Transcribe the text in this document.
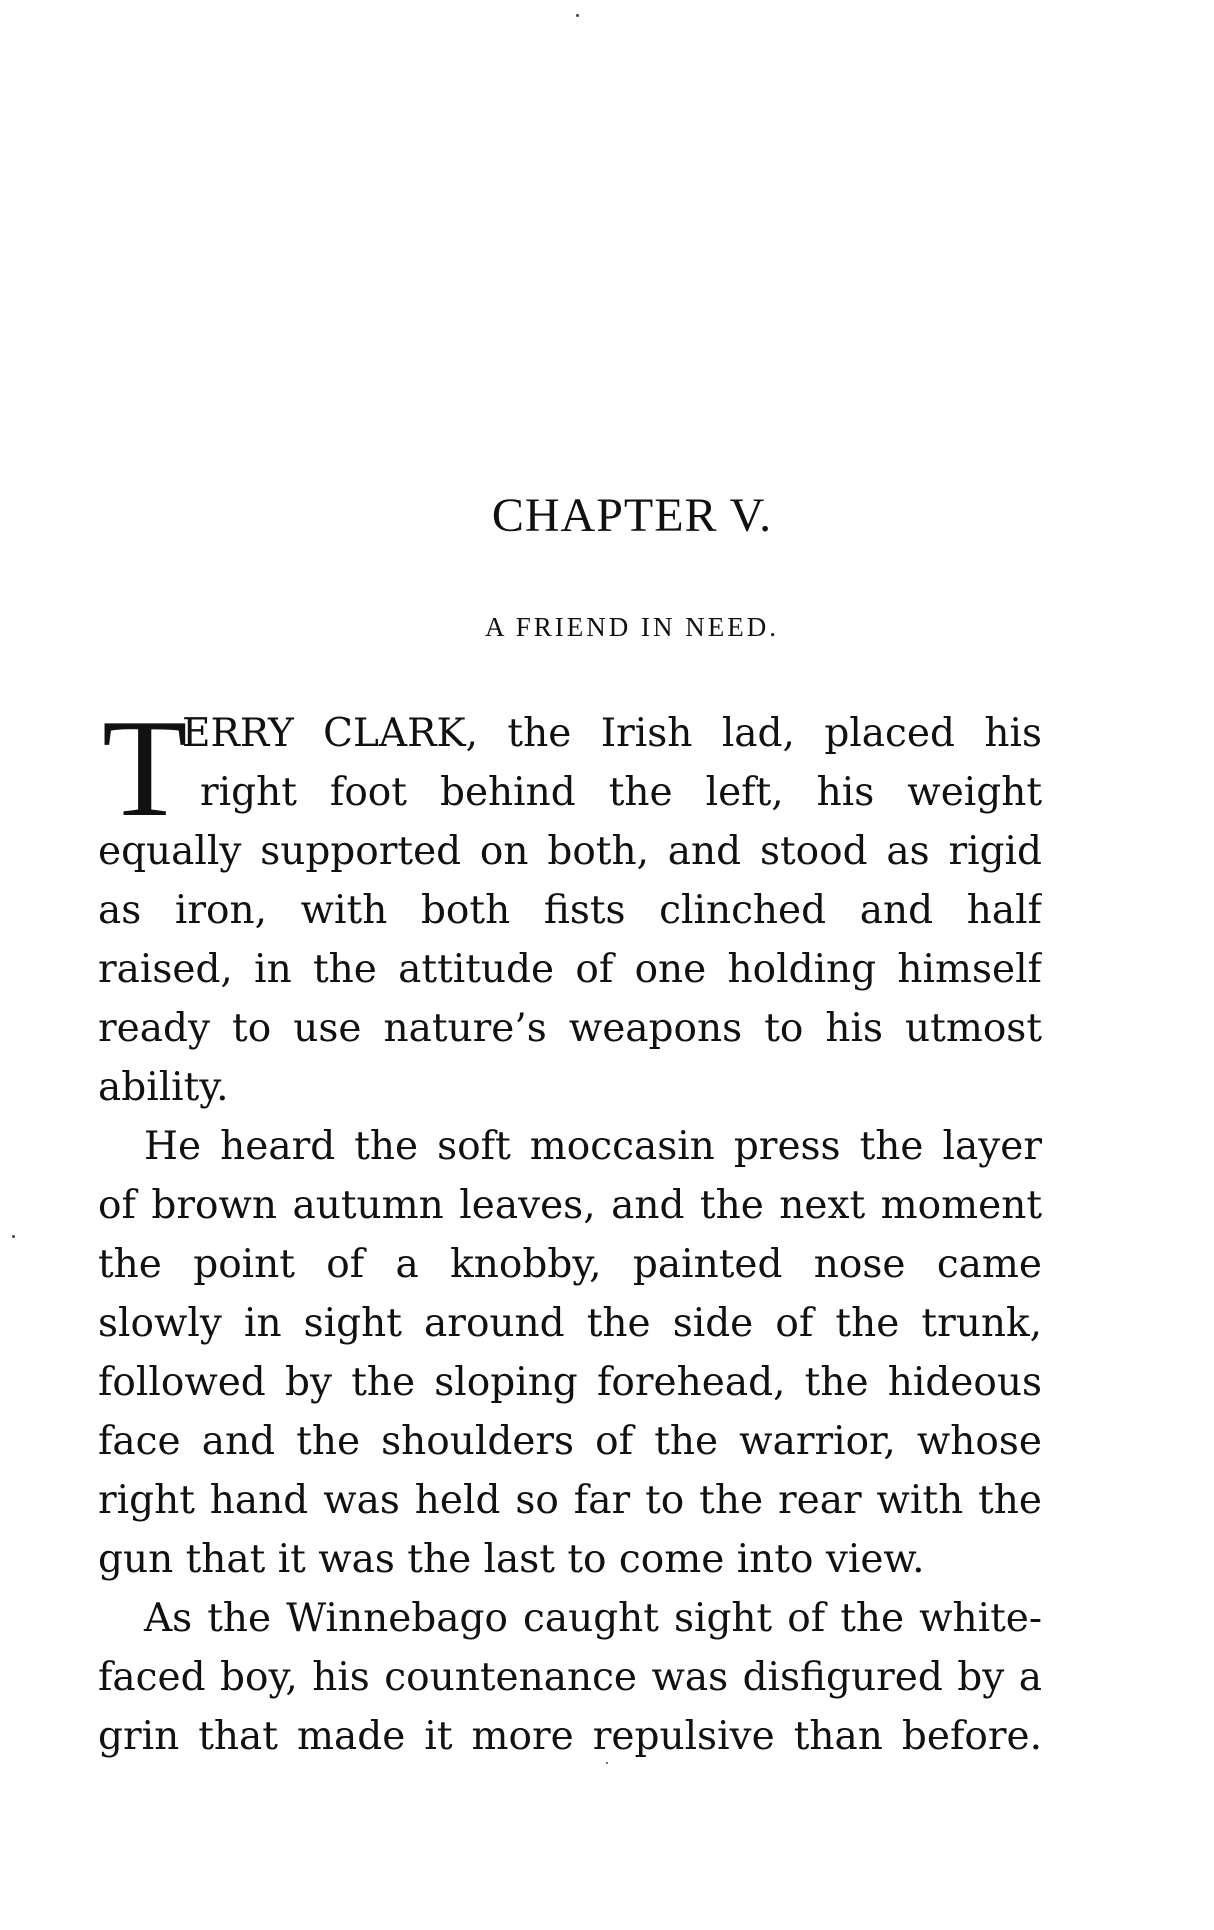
CHAPTER V.
A FRIEND IN NEED.
T
ERRY CLARK, the Irish lad, placed his
right foot behind the left, his weight
equally supported on both, and stood as rigid
as iron, with both fists clinched and half
raised, in the attitude of one holding himself
ready to use nature’s weapons to his utmost
ability.
He heard the soft moccasin press the layer
of brown autumn leaves, and the next moment
the point of a knobby, painted nose came
slowly in sight around the side of the trunk,
followed by the sloping forehead, the hideous
face and the shoulders of the warrior, whose
right hand was held so far to the rear with the
gun that it was the last to come into view.
As the Winnebago caught sight of the white-
faced boy, his countenance was disfigured by a
grin that made it more repulsive than before.
